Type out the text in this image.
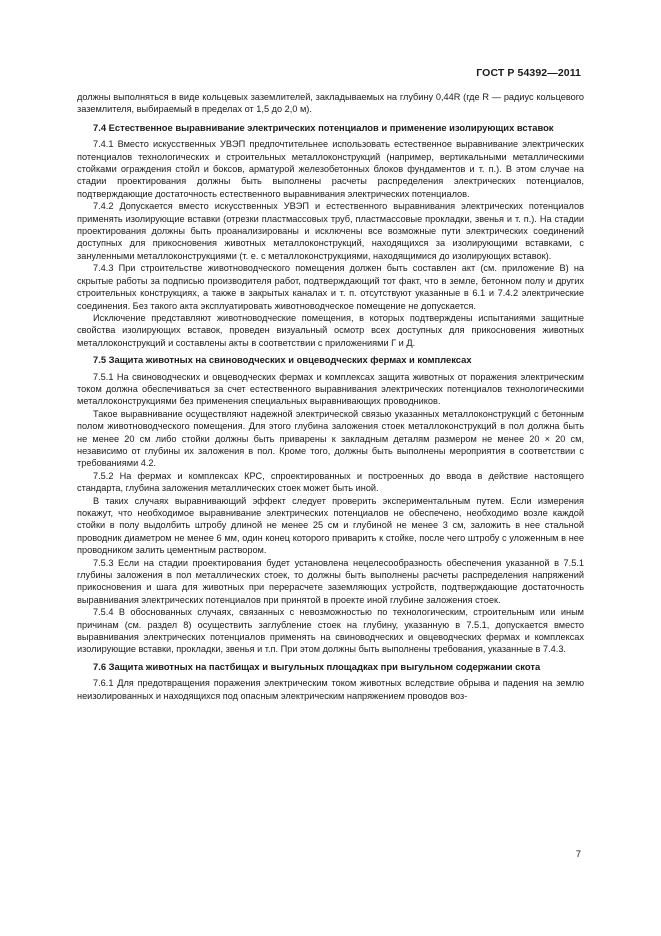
ГОСТ Р 54392—2011

должны выполняться в виде кольцевых заземлителей, закладываемых на глубину 0,44R (где R — радиус кольцевого заземлителя, выбираемый в пределах от 1,5 до 2,0 м).

7.4 Естественное выравнивание электрических потенциалов и применение изолирующих вставок

7.4.1 Вместо искусственных УВЭП предпочтительнее использовать естественное выравнивание электрических потенциалов технологических и строительных металлоконструкций (например, вертикальными металлическими стойками ограждения стойл и боксов, арматурой железобетонных блоков фундаментов и т. п.). В этом случае на стадии проектирования должны быть выполнены расчеты распределения электрических потенциалов, подтверждающие достаточность естественного выравнивания электрических потенциалов.

7.4.2 Допускается вместо искусственных УВЭП и естественного выравнивания электрических потенциалов применять изолирующие вставки (отрезки пластмассовых труб, пластмассовые прокладки, звенья и т. п.). На стадии проектирования должны быть проанализированы и исключены все возможные пути электрических соединений доступных для прикосновения животных металлоконструкций, находящихся за изолирующими вставками, с зануленными металлоконструкциями (т. е. с металлоконструкциями, находящимися до изолирующих вставок).

7.4.3 При строительстве животноводческого помещения должен быть составлен акт (см. приложение В) на скрытые работы за подписью производителя работ, подтверждающий тот факт, что в земле, бетонном полу и других строительных конструкциях, а также в закрытых каналах и т. п. отсутствуют указанные в 6.1 и 7.4.2 электрические соединения. Без такого акта эксплуатировать животноводческое помещение не допускается.

Исключение представляют животноводческие помещения, в которых подтверждены испытаниями защитные свойства изолирующих вставок, проведен визуальный осмотр всех доступных для прикосновения животных металлоконструкций и составлены акты в соответствии с приложениями Г и Д.

7.5 Защита животных на свиноводческих и овцеводческих фермах и комплексах

7.5.1 На свиноводческих и овцеводческих фермах и комплексах защита животных от поражения электрическим током должна обеспечиваться за счет естественного выравнивания электрических потенциалов технологическими металлоконструкциями без применения специальных выравнивающих проводников.

Такое выравнивание осуществляют надежной электрической связью указанных металлоконструкций с бетонным полом животноводческого помещения. Для этого глубина заложения стоек металлоконструкций в пол должна быть не менее 20 см либо стойки должны быть приварены к закладным деталям размером не менее 20 × 20 см, независимо от глубины их заложения в пол. Кроме того, должны быть выполнены мероприятия в соответствии с требованиями 4.2.

7.5.2 На фермах и комплексах КРС, спроектированных и построенных до ввода в действие настоящего стандарта, глубина заложения металлических стоек может быть иной.

В таких случаях выравнивающий эффект следует проверить экспериментальным путем. Если измерения покажут, что необходимое выравнивание электрических потенциалов не обеспечено, необходимо возле каждой стойки в полу выдолбить штробу длиной не менее 25 см и глубиной не менее 3 см, заложить в нее стальной проводник диаметром не менее 6 мм, один конец которого приварить к стойке, после чего штробу с уложенным в нее проводником залить цементным раствором.

7.5.3 Если на стадии проектирования будет установлена нецелесообразность обеспечения указанной в 7.5.1 глубины заложения в пол металлических стоек, то должны быть выполнены расчеты распределения напряжений прикосновения и шага для животных при перерасчете заземляющих устройств, подтверждающие достаточность выравнивания электрических потенциалов при принятой в проекте иной глубине заложения стоек.

7.5.4 В обоснованных случаях, связанных с невозможностью по технологическим, строительным или иным причинам (см. раздел 8) осуществить заглубление стоек на глубину, указанную в 7.5.1, допускается вместо выравнивания электрических потенциалов применять на свиноводческих и овцеводческих фермах и комплексах изолирующие вставки, прокладки, звенья и т.п. При этом должны быть выполнены требования, указанные в 7.4.3.

7.6 Защита животных на пастбищах и выгульных площадках при выгульном содержании скота

7.6.1 Для предотвращения поражения электрическим током животных вследствие обрыва и падения на землю неизолированных и находящихся под опасным электрическим напряжением проводов воз-

7
